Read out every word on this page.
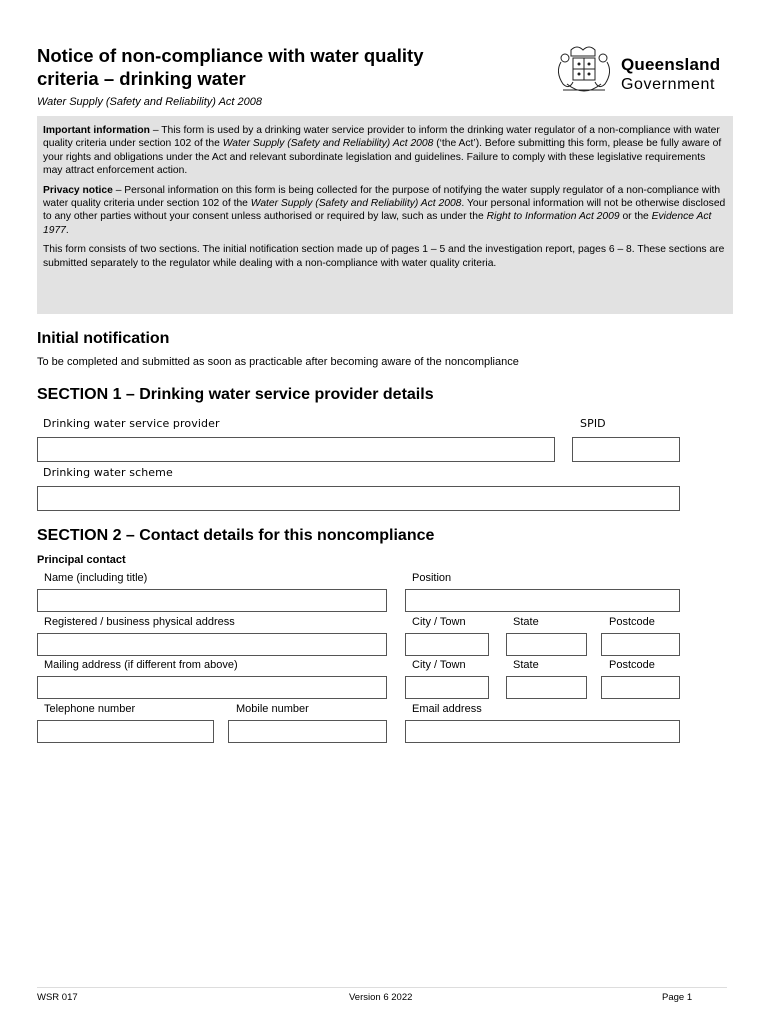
Notice of non-compliance with water quality
criteria – drinking water
Water Supply (Safety and Reliability) Act 2008
Queensland
Government

Important information – This form is used by a drinking water service provider to inform the drinking water regulator of a non-compliance with water quality criteria under section 102 of the Water Supply (Safety and Reliability) Act 2008 (‘the Act’). Before submitting this form, please be fully aware of your rights and obligations under the Act and relevant subordinate legislation and guidelines. Failure to comply with these legislative requirements may attract enforcement action.

Privacy notice – Personal information on this form is being collected for the purpose of notifying the water supply regulator of a non-compliance with water quality criteria under section 102 of the Water Supply (Safety and Reliability) Act 2008. Your personal information will not be otherwise disclosed to any other parties without your consent unless authorised or required by law, such as under the Right to Information Act 2009 or the Evidence Act 1977.

This form consists of two sections. The initial notification section made up of pages 1 – 5 and the investigation report, pages 6 – 8. These sections are submitted separately to the regulator while dealing with a non-compliance with water quality criteria.

Initial notification
To be completed and submitted as soon as practicable after becoming aware of the noncompliance
SECTION 1 – Drinking water service provider details
Drinking water service provider	SPID
Drinking water scheme
SECTION 2 – Contact details for this noncompliance
Principal contact
Name (including title)	Position
Registered / business physical address	City / Town	State	Postcode
Mailing address (if different from above)	City / Town	State	Postcode
Telephone number	Mobile number	Email address
WSR 017	Version 6 2022	Page 1
